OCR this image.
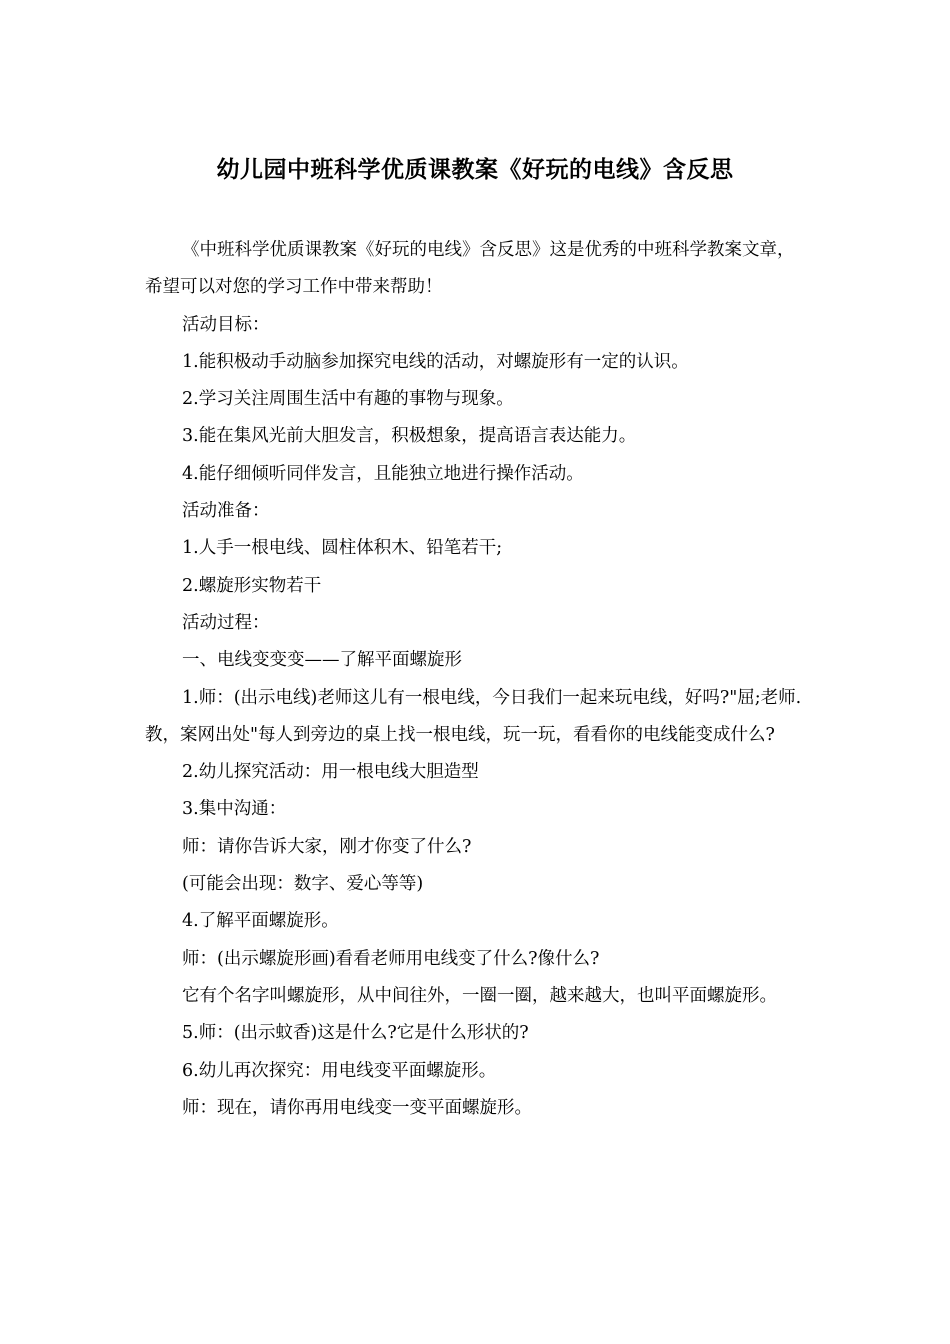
幼儿园中班科学优质课教案《好玩的电线》含反思

《中班科学优质课教案《好玩的电线》含反思》这是优秀的中班科学教案文章，希望可以对您的学习工作中带来帮助！

活动目标：

1.能积极动手动脑参加探究电线的活动，对螺旋形有一定的认识。

2.学习关注周围生活中有趣的事物与现象。

3.能在集风光前大胆发言，积极想象，提高语言表达能力。

4.能仔细倾听同伴发言，且能独立地进行操作活动。

活动准备：

1.人手一根电线、圆柱体积木、铅笔若干;

2.螺旋形实物若干

活动过程：

一、电线变变变——了解平面螺旋形

1.师：(出示电线)老师这儿有一根电线，今日我们一起来玩电线，好吗?"屈;老师.教，案网出处"每人到旁边的桌上找一根电线，玩一玩，看看你的电线能变成什么?

2.幼儿探究活动：用一根电线大胆造型

3.集中沟通：

师：请你告诉大家，刚才你变了什么?

(可能会出现：数字、爱心等等)

4.了解平面螺旋形。

师：(出示螺旋形画)看看老师用电线变了什么?像什么?

它有个名字叫螺旋形，从中间往外，一圈一圈，越来越大，也叫平面螺旋形。

5.师：(出示蚊香)这是什么?它是什么形状的?

6.幼儿再次探究：用电线变平面螺旋形。

师：现在，请你再用电线变一变平面螺旋形。
